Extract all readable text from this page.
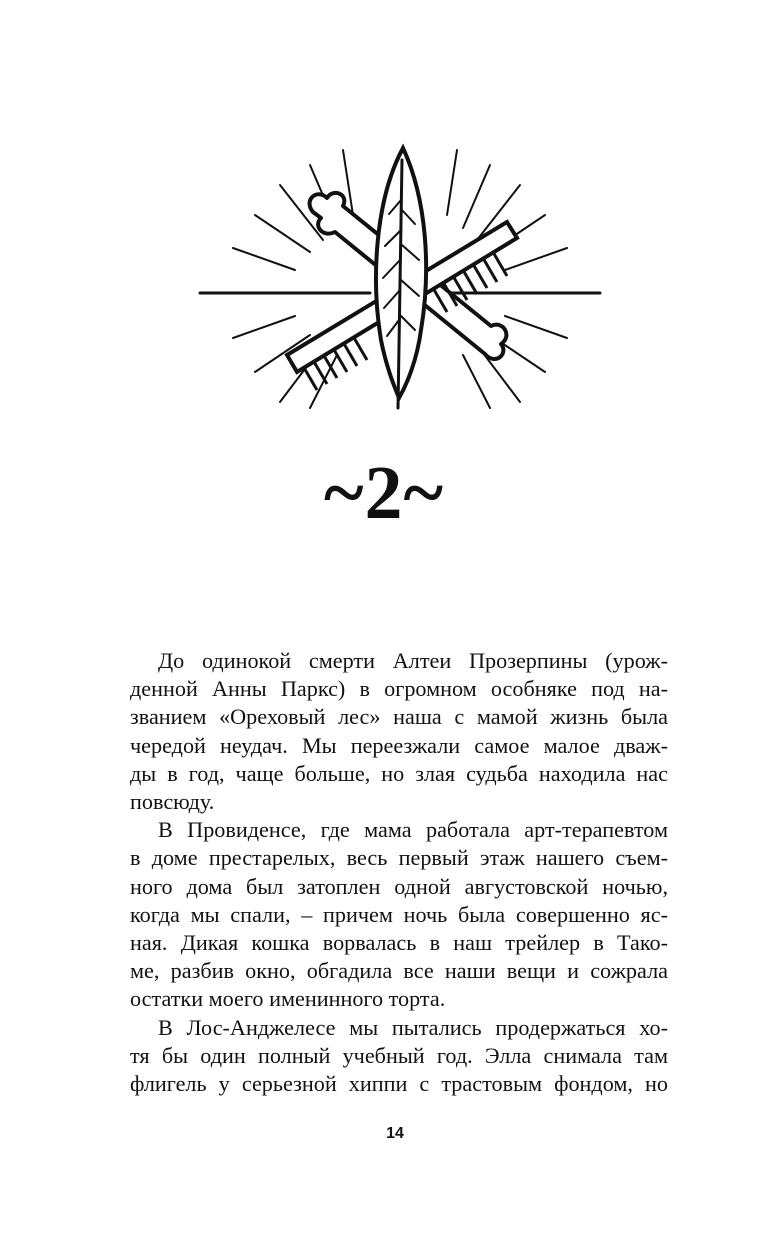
~2~
До одинокой смерти Алтеи Прозерпины (урож-
денной Анны Паркс) в огромном особняке под на-
званием «Ореховый лес» наша с мамой жизнь была
чередой неудач. Мы переезжали самое малое дваж-
ды в год, чаще больше, но злая судьба находила нас
повсюду.
В Провиденсе, где мама работала арт-терапевтом
в доме престарелых, весь первый этаж нашего съем-
ного дома был затоплен одной августовской ночью,
когда мы спали, – причем ночь была совершенно яс-
ная. Дикая кошка ворвалась в наш трейлер в Тако-
ме, разбив окно, обгадила все наши вещи и сожрала
остатки моего именинного торта.
В Лос-Анджелесе мы пытались продержаться хо-
тя бы один полный учебный год. Элла снимала там
флигель у серьезной хиппи с трастовым фондом, но
14
